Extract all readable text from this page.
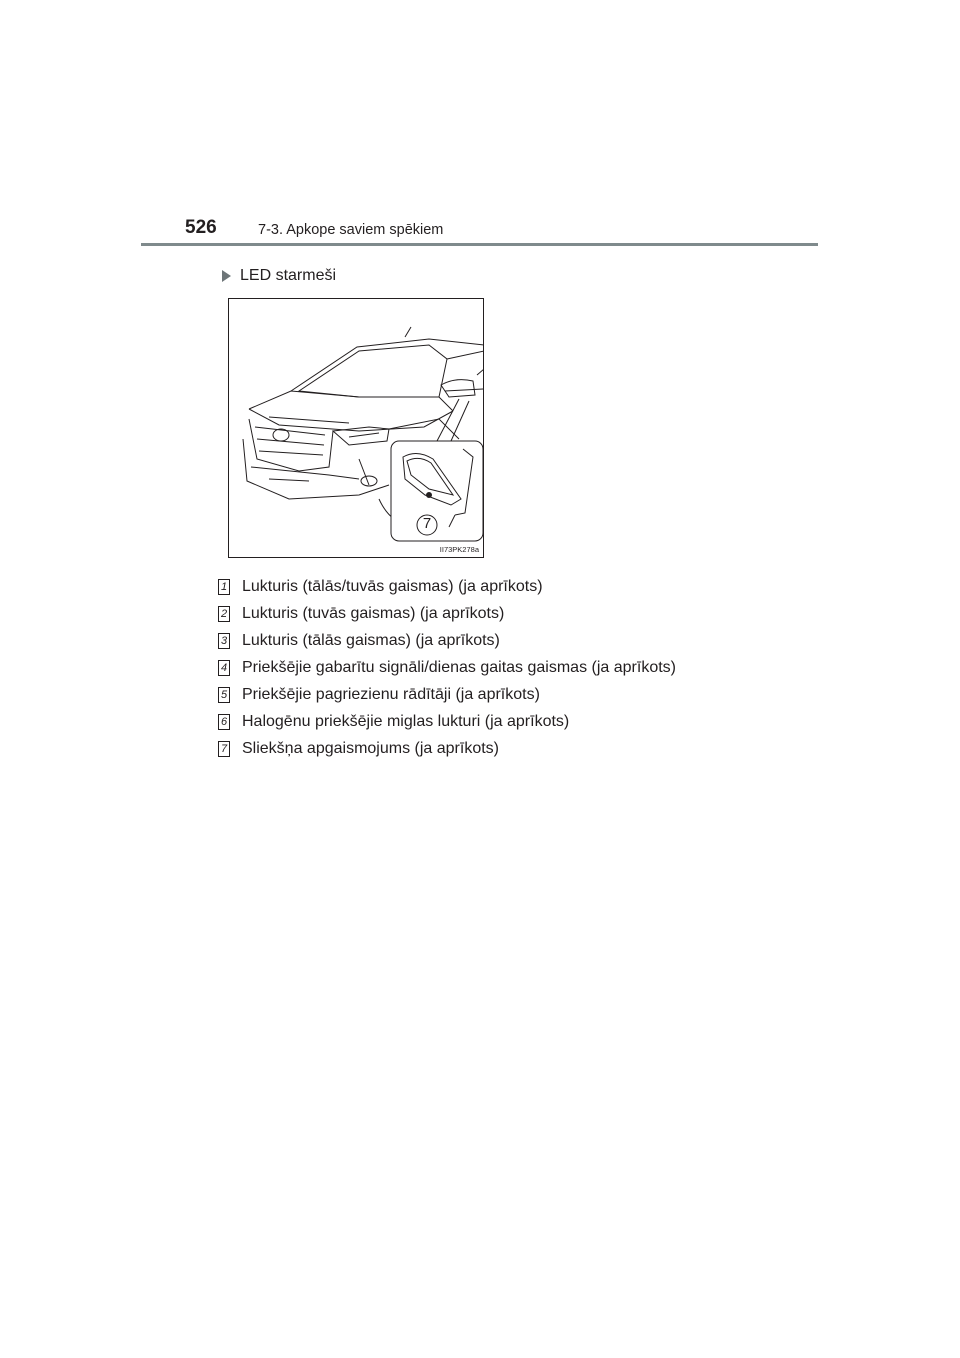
526	7-3. Apkope saviem spēkiem
LED starmeši
7
II73PK278a
1 Lukturis (tālās/tuvās gaismas) (ja aprīkots)
2 Lukturis (tuvās gaismas) (ja aprīkots)
3 Lukturis (tālās gaismas) (ja aprīkots)
4 Priekšējie gabarītu signāli/dienas gaitas gaismas (ja aprīkots)
5 Priekšējie pagriezienu rādītāji (ja aprīkots)
6 Halogēnu priekšējie miglas lukturi (ja aprīkots)
7 Sliekšņa apgaismojums (ja aprīkots)
